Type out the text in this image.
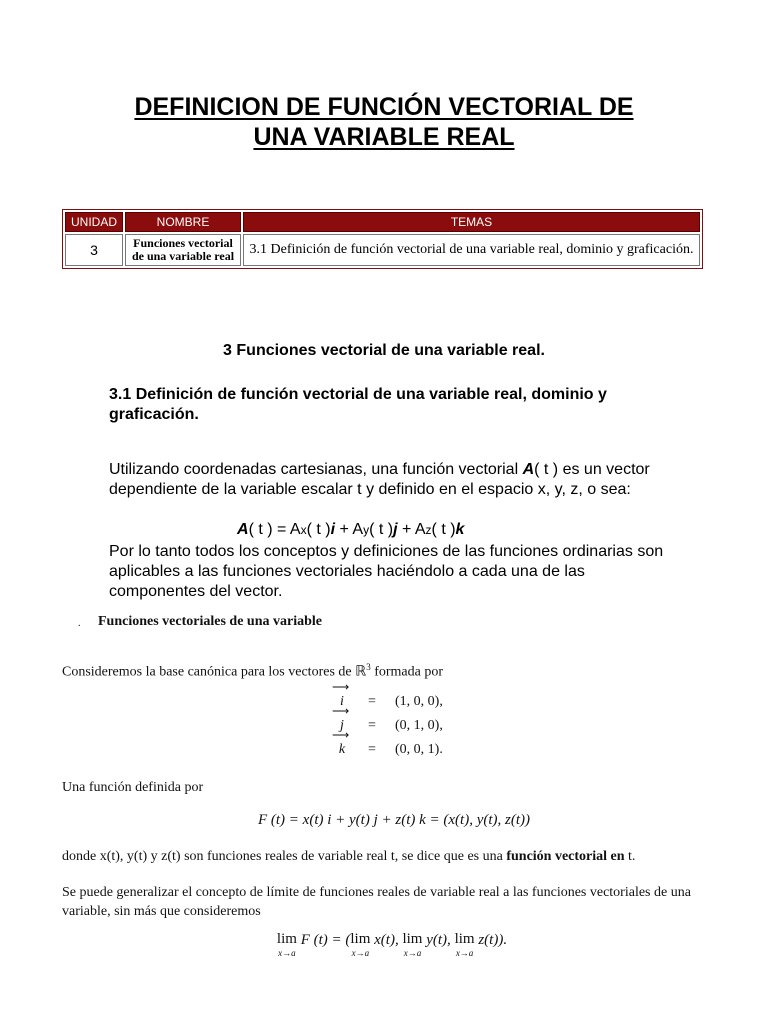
DEFINICION DE FUNCIÓN VECTORIAL DE
UNA VARIABLE REAL
UNIDAD	NOMBRE	TEMAS
3	Funciones vectorial de una variable real	3.1 Definición de función vectorial de una variable real, dominio y graficación.
3 Funciones vectorial de una variable real.
3.1 Definición de función vectorial de una variable real, dominio y graficación.
Utilizando coordenadas cartesianas, una función vectorial A( t ) es un vector dependiente de la variable escalar t y definido en el espacio x, y, z, o sea:
A( t ) = Ax( t )i + Ay( t )j + Az( t )k
Por lo tanto todos los conceptos y definiciones de las funciones ordinarias son aplicables a las funciones vectoriales haciéndolo a cada una de las componentes del vector.
. Funciones vectoriales de una variable
Consideremos la base canónica para los vectores de ℝ$^3$ formada por
⟶ i = (1, 0, 0),
⟶ j = (0, 1, 0),
⟶ k = (0, 0, 1).
Una función definida por
F (t) = x(t) i + y(t) j + z(t) k = (x(t), y(t), z(t))
donde x(t), y(t) y z(t) son funciones reales de variable real t, se dice que es una función vectorial en t.
Se puede generalizar el concepto de límite de funciones reales de variable real a las funciones vectoriales de una variable, sin más que consideremos
lim
x→a
F (t) = (lim
x→a
x(t), lim
x→a
y(t), lim
x→a
z(t)).
